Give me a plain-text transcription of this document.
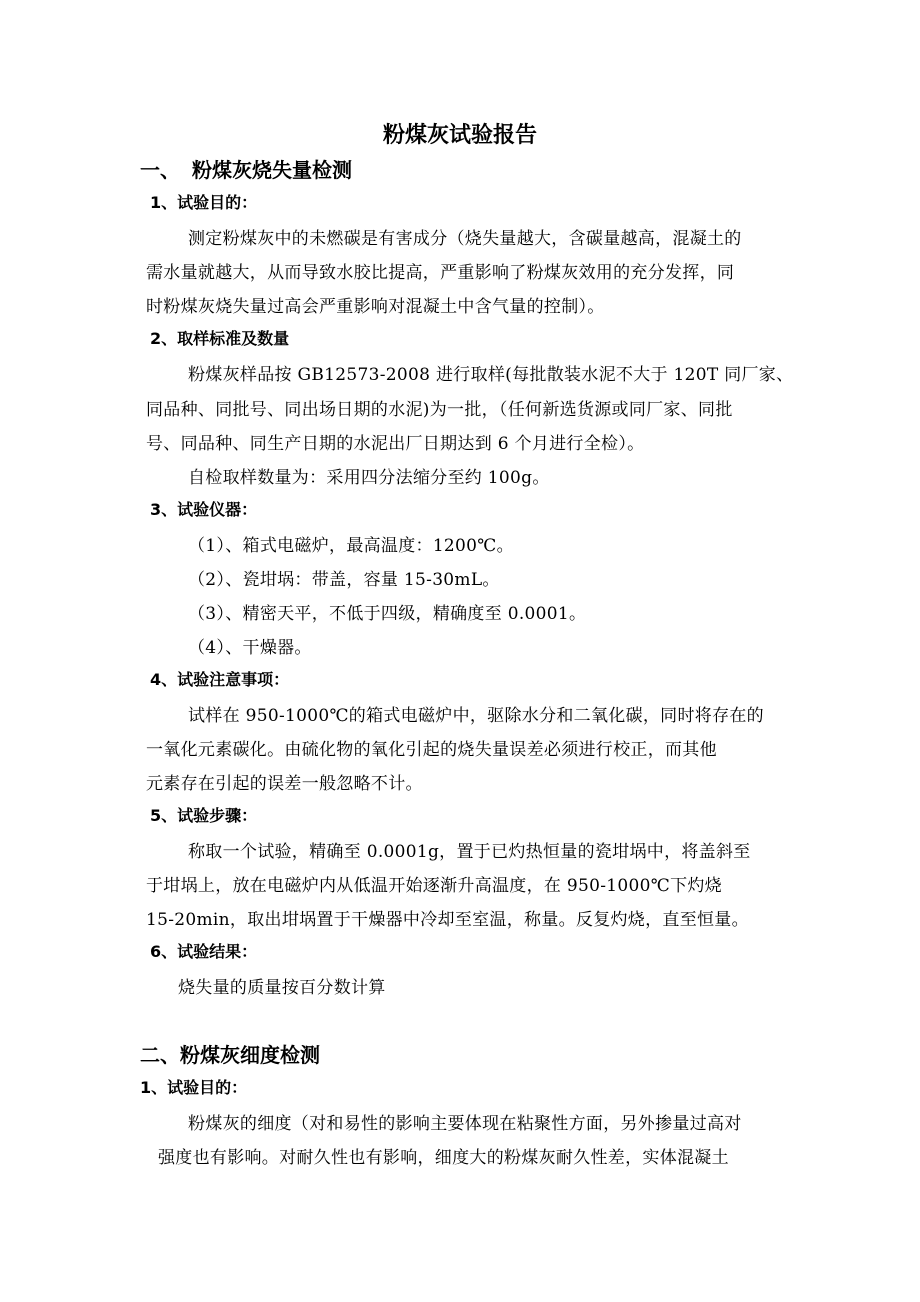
粉煤灰试验报告
一、 粉煤灰烧失量检测
1、试验目的：
测定粉煤灰中的未燃碳是有害成分（烧失量越大，含碳量越高，混凝土的
需水量就越大，从而导致水胶比提高，严重影响了粉煤灰效用的充分发挥，同
时粉煤灰烧失量过高会严重影响对混凝土中含气量的控制）。
2、取样标准及数量
粉煤灰样品按 GB12573-2008 进行取样(每批散装水泥不大于 120T 同厂家、
同品种、同批号、同出场日期的水泥)为一批，（任何新选货源或同厂家、同批
号、同品种、同生产日期的水泥出厂日期达到 6 个月进行全检）。
自检取样数量为：采用四分法缩分至约 100g。
3、试验仪器：
（1）、箱式电磁炉，最高温度：1200℃。
（2）、瓷坩埚：带盖，容量 15-30mL。
（3）、精密天平，不低于四级，精确度至 0.0001。
（4）、干燥器。
4、试验注意事项：
试样在 950-1000℃的箱式电磁炉中，驱除水分和二氧化碳，同时将存在的
一氧化元素碳化。由硫化物的氧化引起的烧失量误差必须进行校正，而其他
元素存在引起的误差一般忽略不计。
5、试验步骤：
称取一个试验，精确至 0.0001g，置于已灼热恒量的瓷坩埚中，将盖斜至
于坩埚上，放在电磁炉内从低温开始逐渐升高温度，在 950-1000℃下灼烧
15-20min，取出坩埚置于干燥器中冷却至室温，称量。反复灼烧，直至恒量。
6、试验结果：
烧失量的质量按百分数计算
二、粉煤灰细度检测
1、试验目的：
粉煤灰的细度（对和易性的影响主要体现在粘聚性方面，另外掺量过高对
强度也有影响。对耐久性也有影响，细度大的粉煤灰耐久性差，实体混凝土
